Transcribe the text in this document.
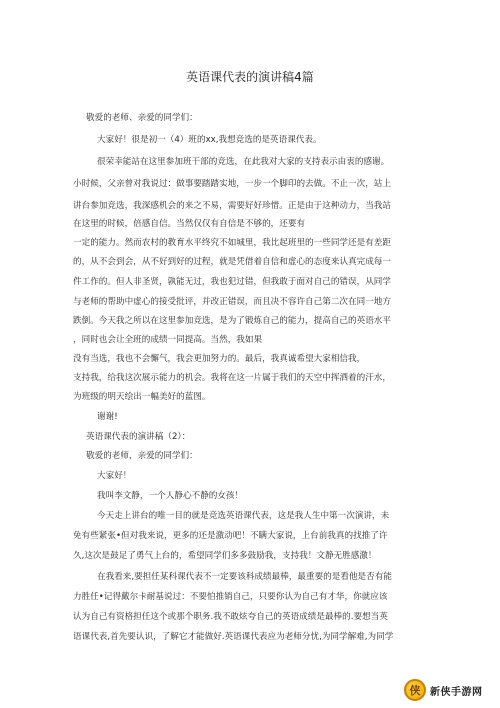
英语课代表的演讲稿4篇
敬爱的老师、亲爱的同学们：
大家好！很是初一（4）班的xx,我想竞选的是英语课代表。
很荣幸能站在这里参加班干部的竞选，在此我对大家的支持表示由衷的感谢。
小时候，父亲曾对我说过：做事要踏踏实地，一步一个脚印的去做。不止一次，站上
讲台参加竞选，我深感机会的来之不易，需要好好珍惜。正是由于这种动力，当我站
在这里的时候，倍感自信。当然仅仅有自信是不够的，还要有
一定的能力。然而农村的教育水平终究不如城里，我比起班里的一些同学还是有差距
的，从不会到会，从不好到好的过程，就是凭借着自信和虚心的态度来认真完成每一
件工作的。但人非圣贤，孰能无过，我也犯过错，但我敢于面对自己的错误，从同学
与老师的帮助中虚心的接受批评，并改正错误，而且决不容许自己第二次在同一地方
跌倒。今天我之所以在这里参加竞选，是为了锻炼自己的能力，提高自己的英语水平
，同时也会让全班的成绩一同提高。当然，我如果
没有当选，我也不会懈气，我会更加努力的。最后，我真诚希望大家相信我，
支持我，给我这次展示能力的机会。我将在这一片属于我们的天空中挥洒着的汗水，
为班级的明天绘出一幅美好的蓝图。
谢谢!
英语课代表的演讲稿（2）：
敬爱的老师，亲爱的同学们：
大家好！
我叫李文静，一个人静心不静的女孩！
今天走上讲台的唯一目的就是竞选英语课代表，这是我人生中第一次演讲，未
免有些紧张•但对我来说，更多的还是激动吧！不瞒大家说，上台前我真的找推了许
久,这次是鼓足了勇气上台的，希望同学们多多鼓励我，支持我！文静无胜感激！
在我看来,要担任某科课代表不一定要该科成绩最棒，最重要的是看他是否有能
力胜任•记得戴尔卡耐基说过：不要怕推销自己，只要你认为自己有才华，你就应该
认为自己有资格担任这个或那个职务.我不敢炫夸自己的英语成绩是最棒的.要想当英
语课代表,首先要认识，了解它才能做好.英语课代表应为老师分忧,为同学解难,为同学
侠 新侠手游网
